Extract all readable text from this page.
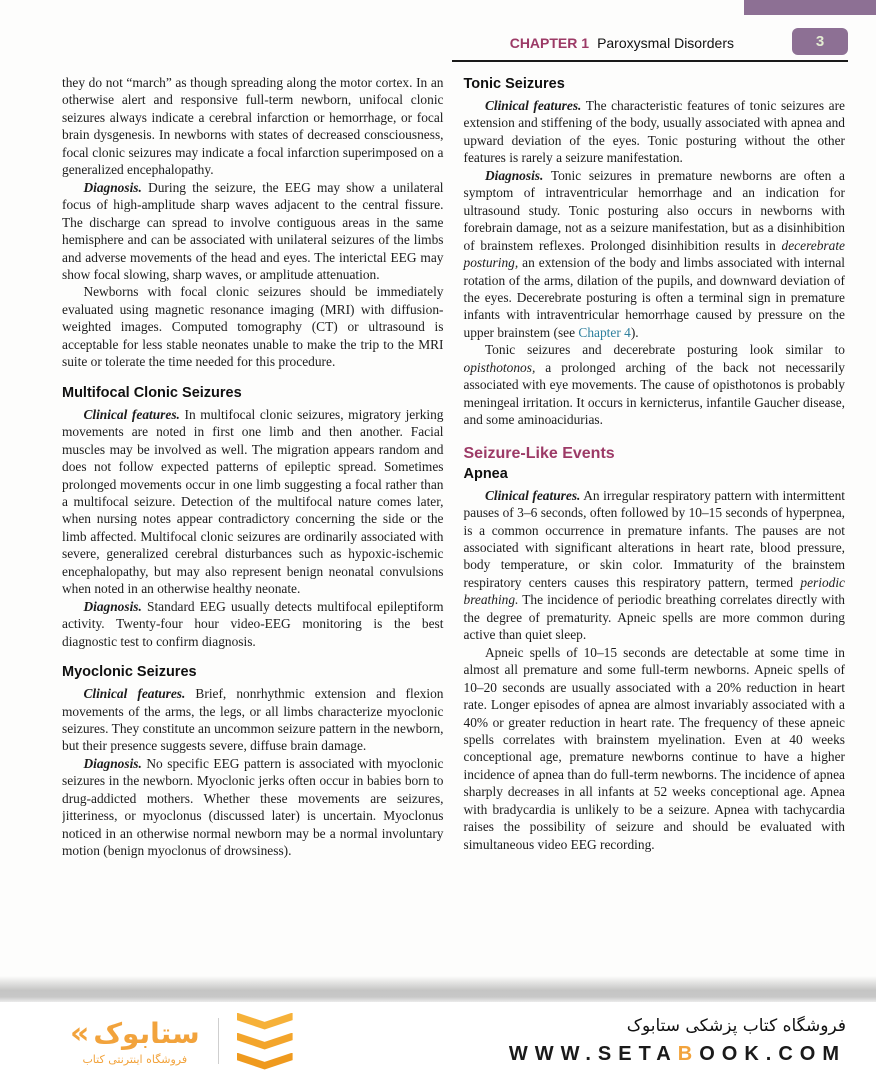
CHAPTER 1 Paroxysmal Disorders	3

they do not “march” as though spreading along the motor cortex. In an otherwise alert and responsive full-term newborn, unifocal clonic seizures always indicate a cerebral infarction or hemorrhage, or focal brain dysgenesis. In newborns with states of decreased consciousness, focal clonic seizures may indicate a focal infarction superimposed on a generalized encephalopathy.

Diagnosis. During the seizure, the EEG may show a unilateral focus of high-amplitude sharp waves adjacent to the central fissure. The discharge can spread to involve contiguous areas in the same hemisphere and can be associated with unilateral seizures of the limbs and adverse movements of the head and eyes. The interictal EEG may show focal slowing, sharp waves, or amplitude attenuation.

Newborns with focal clonic seizures should be immediately evaluated using magnetic resonance imaging (MRI) with diffusion-weighted images. Computed tomography (CT) or ultrasound is acceptable for less stable neonates unable to make the trip to the MRI suite or tolerate the time needed for this procedure.

Multifocal Clonic Seizures

Clinical features. In multifocal clonic seizures, migratory jerking movements are noted in first one limb and then another. Facial muscles may be involved as well. The migration appears random and does not follow expected patterns of epileptic spread. Sometimes prolonged movements occur in one limb suggesting a focal rather than a multifocal seizure. Detection of the multifocal nature comes later, when nursing notes appear contradictory concerning the side or the limb affected. Multifocal clonic seizures are ordinarily associated with severe, generalized cerebral disturbances such as hypoxic-ischemic encephalopathy, but may also represent benign neonatal convulsions when noted in an otherwise healthy neonate.

Diagnosis. Standard EEG usually detects multifocal epileptiform activity. Twenty-four hour video-EEG monitoring is the best diagnostic test to confirm diagnosis.

Myoclonic Seizures

Clinical features. Brief, nonrhythmic extension and flexion movements of the arms, the legs, or all limbs characterize myoclonic seizures. They constitute an uncommon seizure pattern in the newborn, but their presence suggests severe, diffuse brain damage.

Diagnosis. No specific EEG pattern is associated with myoclonic seizures in the newborn. Myoclonic jerks often occur in babies born to drug-addicted mothers. Whether these movements are seizures, jitteriness, or myoclonus (discussed later) is uncertain. Myoclonus noticed in an otherwise normal newborn may be a normal involuntary motion (benign myoclonus of drowsiness).

Tonic Seizures

Clinical features. The characteristic features of tonic seizures are extension and stiffening of the body, usually associated with apnea and upward deviation of the eyes. Tonic posturing without the other features is rarely a seizure manifestation.

Diagnosis. Tonic seizures in premature newborns are often a symptom of intraventricular hemorrhage and an indication for ultrasound study. Tonic posturing also occurs in newborns with forebrain damage, not as a seizure manifestation, but as a disinhibition of brainstem reflexes. Prolonged disinhibition results in decerebrate posturing, an extension of the body and limbs associated with internal rotation of the arms, dilation of the pupils, and downward deviation of the eyes. Decerebrate posturing is often a terminal sign in premature infants with intraventricular hemorrhage caused by pressure on the upper brainstem (see Chapter 4).

Tonic seizures and decerebrate posturing look similar to opisthotonos, a prolonged arching of the back not necessarily associated with eye movements. The cause of opisthotonos is probably meningeal irritation. It occurs in kernicterus, infantile Gaucher disease, and some aminoacidurias.

Seizure-Like Events
Apnea

Clinical features. An irregular respiratory pattern with intermittent pauses of 3–6 seconds, often followed by 10–15 seconds of hyperpnea, is a common occurrence in premature infants. The pauses are not associated with significant alterations in heart rate, blood pressure, body temperature, or skin color. Immaturity of the brainstem respiratory centers causes this respiratory pattern, termed periodic breathing. The incidence of periodic breathing correlates directly with the degree of prematurity. Apneic spells are more common during active than quiet sleep.

Apneic spells of 10–15 seconds are detectable at some time in almost all premature and some full-term newborns. Apneic spells of 10–20 seconds are usually associated with a 20% reduction in heart rate. Longer episodes of apnea are almost invariably associated with a 40% or greater reduction in heart rate. The frequency of these apneic spells correlates with brainstem myelination. Even at 40 weeks conceptional age, premature newborns continue to have a higher incidence of apnea than do full-term newborns. The incidence of apnea sharply decreases in all infants at 52 weeks conceptional age. Apnea with bradycardia is unlikely to be a seizure. Apnea with tachycardia raises the possibility of seizure and should be evaluated with simultaneous video EEG recording.

« ستابوک
فروشگاه اینترنتی کتاب
فروشگاه کتاب پزشکی ستابوک
WWW.SETABOOK.COM
